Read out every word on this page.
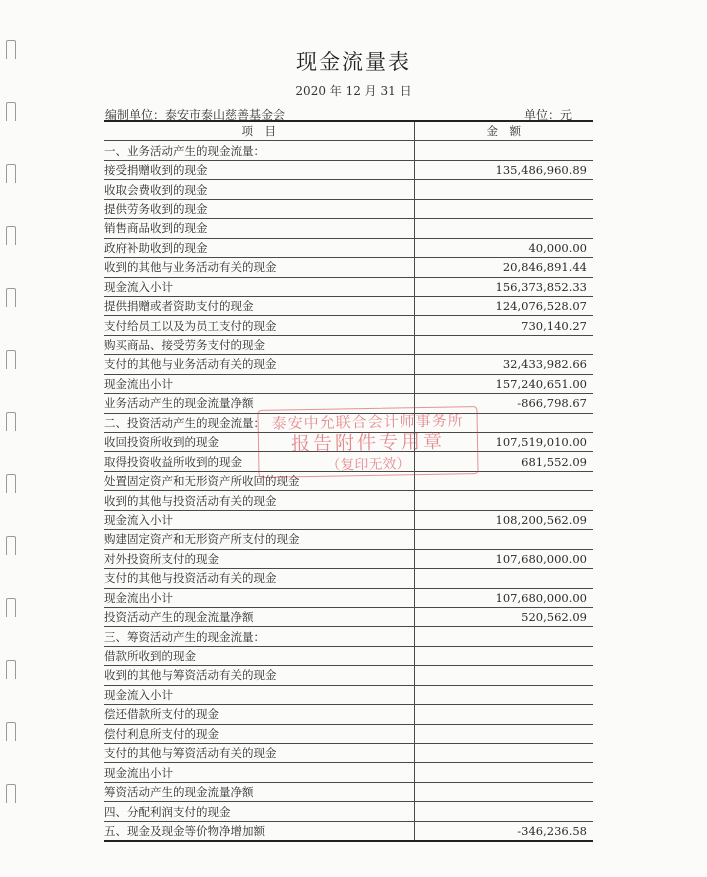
现金流量表
2020 年 12 月 31 日
编制单位：泰安市泰山慈善基金会	单位：元
项　目	金　额
一、业务活动产生的现金流量：	
接受捐赠收到的现金	135,486,960.89
收取会费收到的现金	
提供劳务收到的现金	
销售商品收到的现金	
政府补助收到的现金	40,000.00
收到的其他与业务活动有关的现金	20,846,891.44
现金流入小计	156,373,852.33
提供捐赠或者资助支付的现金	124,076,528.07
支付给员工以及为员工支付的现金	730,140.27
购买商品、接受劳务支付的现金	
支付的其他与业务活动有关的现金	32,433,982.66
现金流出小计	157,240,651.00
业务活动产生的现金流量净额	-866,798.67
二、投资活动产生的现金流量：	
收回投资所收到的现金	107,519,010.00
取得投资收益所收到的现金	681,552.09
处置固定资产和无形资产所收回的现金	
收到的其他与投资活动有关的现金	
现金流入小计	108,200,562.09
购建固定资产和无形资产所支付的现金	
对外投资所支付的现金	107,680,000.00
支付的其他与投资活动有关的现金	
现金流出小计	107,680,000.00
投资活动产生的现金流量净额	520,562.09
三、筹资活动产生的现金流量：	
借款所收到的现金	
收到的其他与筹资活动有关的现金	
现金流入小计	
偿还借款所支付的现金	
偿付利息所支付的现金	
支付的其他与筹资活动有关的现金	
现金流出小计	
筹资活动产生的现金流量净额	
四、分配利润支付的现金	
五、现金及现金等价物净增加额	-346,236.58
泰安中允联合会计师事务所
报告附件专用章
（复印无效）
